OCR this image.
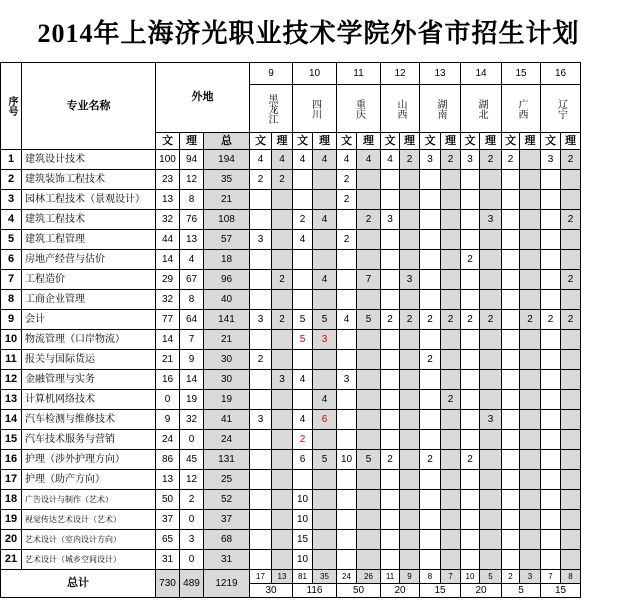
2014年上海济光职业技术学院外省市招生计划
序号	专业名称	外地			9		10		11		12		13		14		15		16	

					黑龙江		四川		重庆		山西		湖南		湖北		广西		辽宁	

		文	理	总	文	理	文	理	文	理	文	理	文	理	文	理	文	理	文	理
1	建筑设计技术	100	94	194	4	4	4	4	4	4	4	2	3	2	3	2	2		3	2
2	建筑装饰工程技术	23	12	35	2	2			2											
3	园林工程技术（景观设计）	13	8	21					2											
4	建筑工程技术	32	76	108			2	4		2	3					3				2
5	建筑工程管理	44	13	57	3		4		2											
6	房地产经营与估价	14	4	18											2					
7	工程造价	29	67	96		2		4		7		3								2
8	工商企业管理	32	8	40																
9	会计	77	64	141	3	2	5	5	4	5	2	2	2	2	2	2		2	2	2
10	物流管理（口岸物流）	14	7	21			5	3												
11	报关与国际货运	21	9	30	2								2							
12	金融管理与实务	16	14	30		3	4		3											
13	计算机网络技术	0	19	19				4						2						
14	汽车检测与维修技术	9	32	41	3		4	6								3				
15	汽车技术服务与营销	24	0	24			2													
16	护理（涉外护理方向）	86	45	131			6	5	10	5	2		2		2					
17	护理（助产方向）	13	12	25																
18	广告设计与制作（艺术）	50	2	52			10													
19	视觉传达艺术设计（艺术）	37	0	37			10													
20	艺术设计（室内设计方向）	65	3	68			15													
21	艺术设计（城乡空间设计）	31	0	31			10													
总计		730	489	1219	17	13	81	35	24	26	11	9	8	7	10	5	2	3	7	8
					30		116		50		20		15		20		5		15	
